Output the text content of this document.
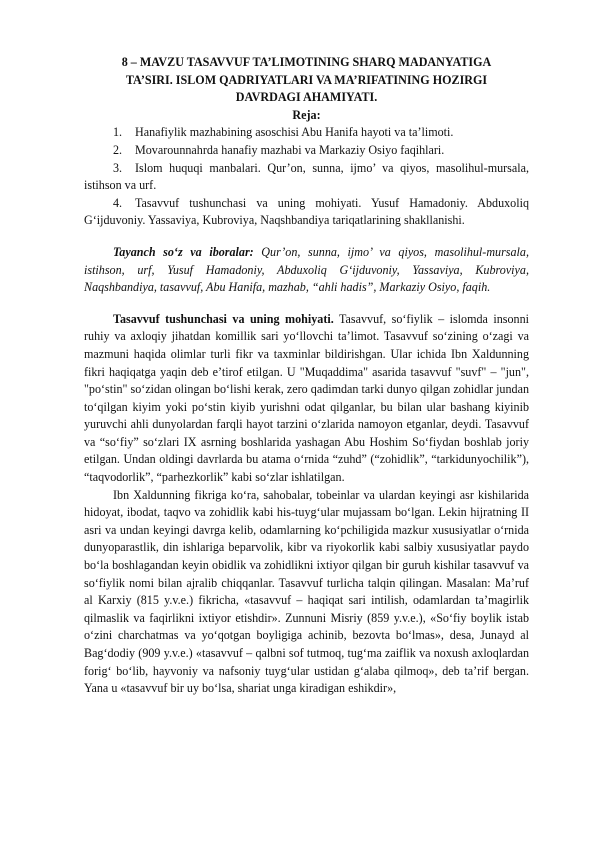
8 – MAVZU TASAVVUF TA’LIMOTINING SHARQ MADANYATIGA
TA’SIRI. ISLOM QADRIYATLARI VA MA’RIFATINING HOZIRGI
DAVRDAGI AHAMIYATI.
Reja:
1. Hanafiylik mazhabining asoschisi Abu Hanifa hayoti va ta’limoti.
2. Movarounnahrda hanafiy mazhabi va Markaziy Osiyo faqihlari.
3. Islom huquqi manbalari. Qur’on, sunna, ijmo’ va qiyos, masolihul-mursala, istihson va urf.
4. Tasavvuf tushunchasi va uning mohiyati. Yusuf Hamadoniy. Abduxoliq G‘ijduvoniy. Yassaviya, Kubroviya, Naqshbandiya tariqatlarining shakllanishi.

Tayanch so‘z va iboralar: Qur’on, sunna, ijmo’ va qiyos, masolihul-mursala, istihson, urf, Yusuf Hamadoniy, Abduxoliq G‘ijduvoniy, Yassaviya, Kubroviya, Naqshbandiya, tasavvuf, Abu Hanifa, mazhab, “ahli hadis”, Markaziy Osiyo, faqih.

Tasavvuf tushunchasi va uning mohiyati. Tasavvuf, so‘fiylik – islomda insonni ruhiy va axloqiy jihatdan komillik sari yo‘llovchi ta’limot. Tasavvuf so‘zining o‘zagi va mazmuni haqida olimlar turli fikr va taxminlar bildirishgan. Ular ichida Ibn Xaldunning fikri haqiqatga yaqin deb e’tirof etilgan. U "Muqaddima" asarida tasavvuf "suvf" – "jun", "po‘stin" so‘zidan olingan bo‘lishi kerak, zero qadimdan tarki dunyo qilgan zohidlar jundan to‘qilgan kiyim yoki po‘stin kiyib yurishni odat qilganlar, bu bilan ular bashang kiyinib yuruvchi ahli dunyolardan farqli hayot tarzini o‘zlarida namoyon etganlar, deydi. Tasavvuf va “so‘fiy” so‘zlari IX asrning boshlarida yashagan Abu Hoshim So‘fiydan boshlab joriy etilgan. Undan oldingi davrlarda bu atama o‘rnida “zuhd” (“zohidlik”, “tarkidunyochilik”), “taqvodorlik”, “parhezkorlik” kabi so‘zlar ishlatilgan.

Ibn Xaldunning fikriga ko‘ra, sahobalar, tobeinlar va ulardan keyingi asr kishilarida hidoyat, ibodat, taqvo va zohidlik kabi his-tuyg‘ular mujassam bo‘lgan. Lekin hijratning II asri va undan keyingi davrga kelib, odamlarning ko‘pchiligida mazkur xususiyatlar o‘rnida dunyoparastlik, din ishlariga beparvolik, kibr va riyokorlik kabi salbiy xususiyatlar paydo bo‘la boshlagandan keyin obidlik va zohidlikni ixtiyor qilgan bir guruh kishilar tasavvuf va so‘fiylik nomi bilan ajralib chiqqanlar. Tasavvuf turlicha talqin qilingan. Masalan: Ma’ruf al Karxiy (815 y.v.e.) fikricha, «tasavvuf – haqiqat sari intilish, odamlardan ta’magirlik qilmaslik va faqirlikni ixtiyor etishdir». Zunnuni Misriy (859 y.v.e.), «So‘fiy boylik istab o‘zini charchatmas va yo‘qotgan boyligiga achinib, bezovta bo‘lmas», desa, Junayd al Bag‘dodiy (909 y.v.e.) «tasavvuf – qalbni sof tutmoq, tug‘ma zaiflik va noxush axloqlardan forig‘ bo‘lib, hayvoniy va nafsoniy tuyg‘ular ustidan g‘alaba qilmoq», deb ta’rif bergan. Yana u «tasavvuf bir uy bo‘lsa, shariat unga kiradigan eshikdir»,
